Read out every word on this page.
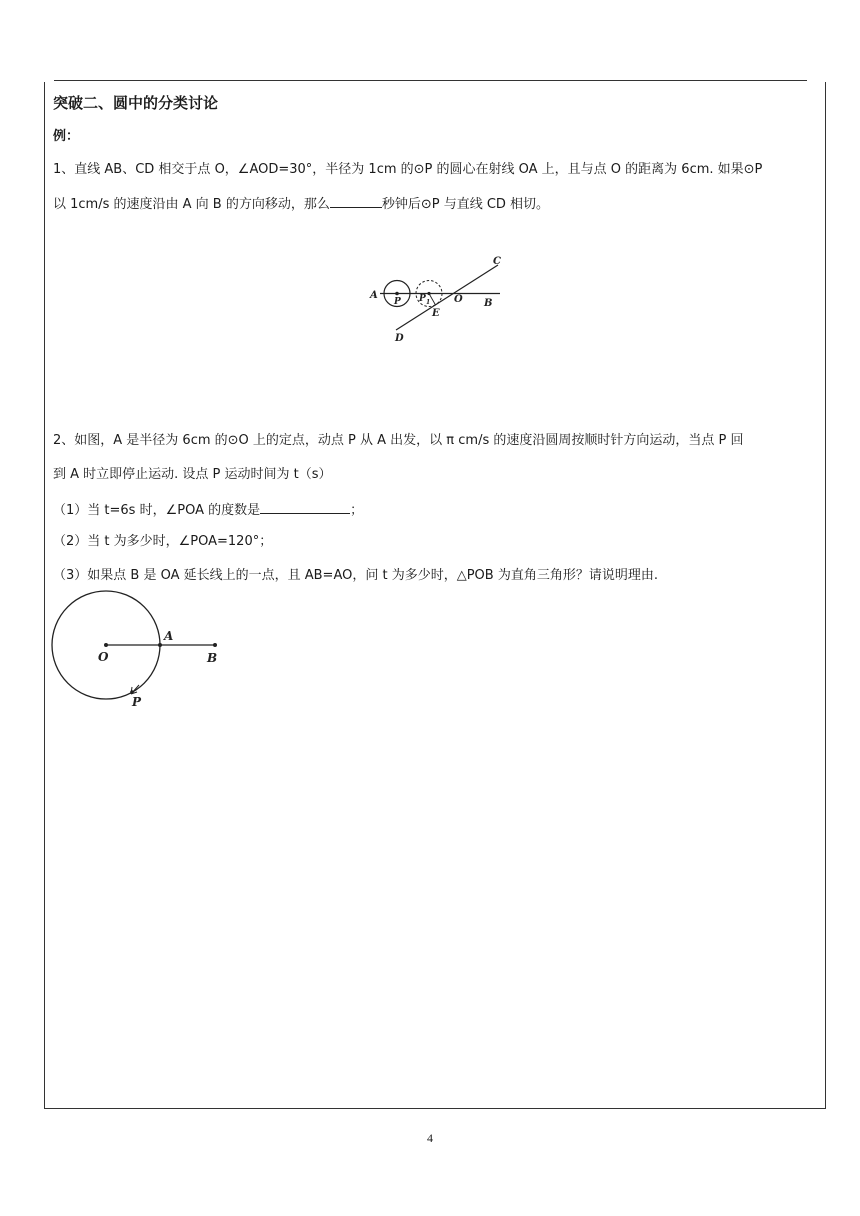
突破二、圆中的分类讨论
例：
1、直线 AB、CD 相交于点 O，∠AOD=30°，半径为 1cm 的⊙P 的圆心在射线 OA 上，且与点 O 的距离为 6cm. 如果⊙P
以 1cm/s 的速度沿由 A 向 B 的方向移动，那么	秒钟后⊙P 与直线 CD 相切。
A
P P 1 O B
C
D
E
2、如图，A 是半径为 6cm 的⊙O 上的定点，动点 P 从 A 出发，以 π cm/s 的速度沿圆周按顺时针方向运动，当点 P 回
到 A 时立即停止运动. 设点 P 运动时间为 t（s）
（1）当 t=6s 时，∠POA 的度数是	；
（2）当 t 为多少时，∠POA=120°；
（3）如果点 B 是 OA 延长线上的一点，且 AB=AO，问 t 为多少时，△POB 为直角三角形？请说明理由.
O
A
B
P
4
